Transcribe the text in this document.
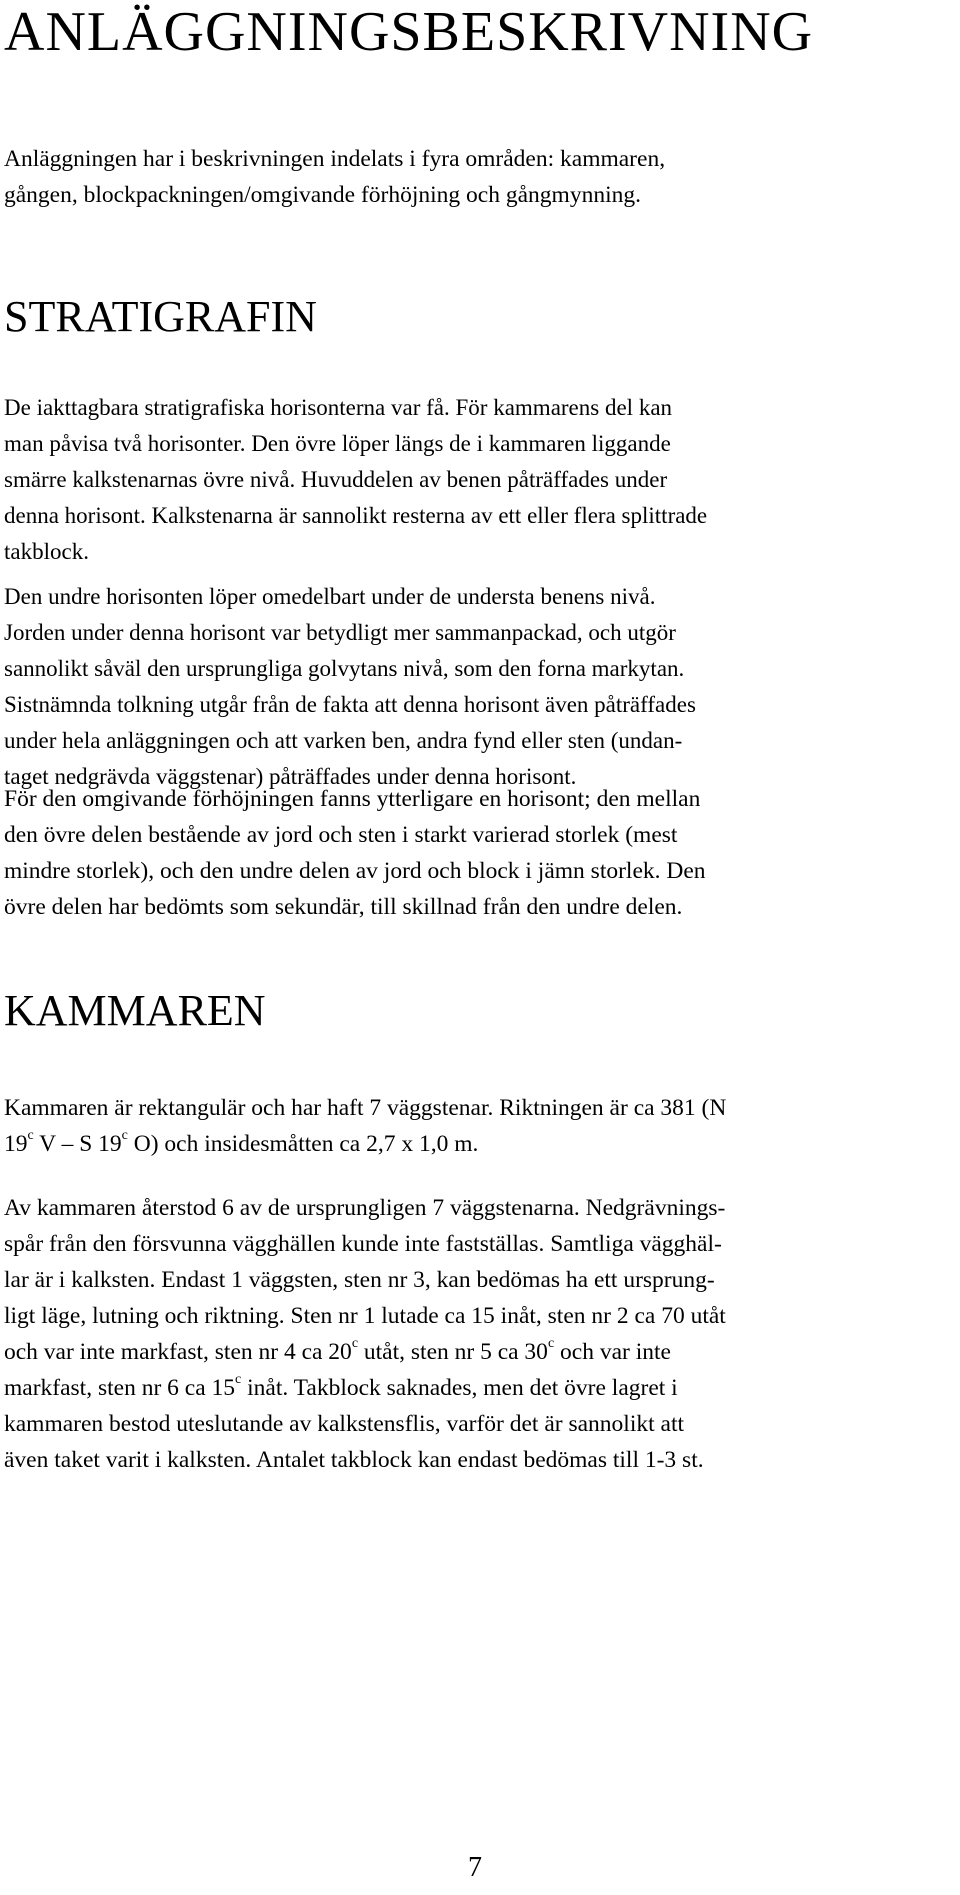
ANLÄGGNINGSBESKRIVNING
Anläggningen har i beskrivningen indelats i fyra områden: kammaren,
gången, blockpackningen/omgivande förhöjning och gångmynning.
STRATIGRAFIN
De iakttagbara stratigrafiska horisonterna var få. För kammarens del kan
man påvisa två horisonter. Den övre löper längs de i kammaren liggande
smärre kalkstenarnas övre nivå. Huvuddelen av benen påträffades under
denna horisont. Kalkstenarna är sannolikt resterna av ett eller flera splittrade
takblock.
Den undre horisonten löper omedelbart under de understa benens nivå.
Jorden under denna horisont var betydligt mer sammanpackad, och utgör
sannolikt såväl den ursprungliga golvytans nivå, som den forna markytan.
Sistnämnda tolkning utgår från de fakta att denna horisont även påträffades
under hela anläggningen och att varken ben, andra fynd eller sten (undan-
taget nedgrävda väggstenar) påträffades under denna horisont.
För den omgivande förhöjningen fanns ytterligare en horisont; den mellan
den övre delen bestående av jord och sten i starkt varierad storlek (mest
mindre storlek), och den undre delen av jord och block i jämn storlek. Den
övre delen har bedömts som sekundär, till skillnad från den undre delen.
KAMMAREN
Kammaren är rektangulär och har haft 7 väggstenar. Riktningen är ca 381 (N
19$^c$ V – S 19$^c$ O) och insidesmåtten ca 2,7 x 1,0 m.
Av kammaren återstod 6 av de ursprungligen 7 väggstenarna. Nedgrävnings-
spår från den försvunna vägghällen kunde inte fastställas. Samtliga vägghäl-
lar är i kalksten. Endast 1 väggsten, sten nr 3, kan bedömas ha ett ursprung-
ligt läge, lutning och riktning. Sten nr 1 lutade ca 15 inåt, sten nr 2 ca 70 utåt
och var inte markfast, sten nr 4 ca 20$^c$ utåt, sten nr 5 ca 30$^c$ och var inte
markfast, sten nr 6 ca 15$^c$ inåt. Takblock saknades, men det övre lagret i
kammaren bestod uteslutande av kalkstensflis, varför det är sannolikt att
även taket varit i kalksten. Antalet takblock kan endast bedömas till 1-3 st.
7
